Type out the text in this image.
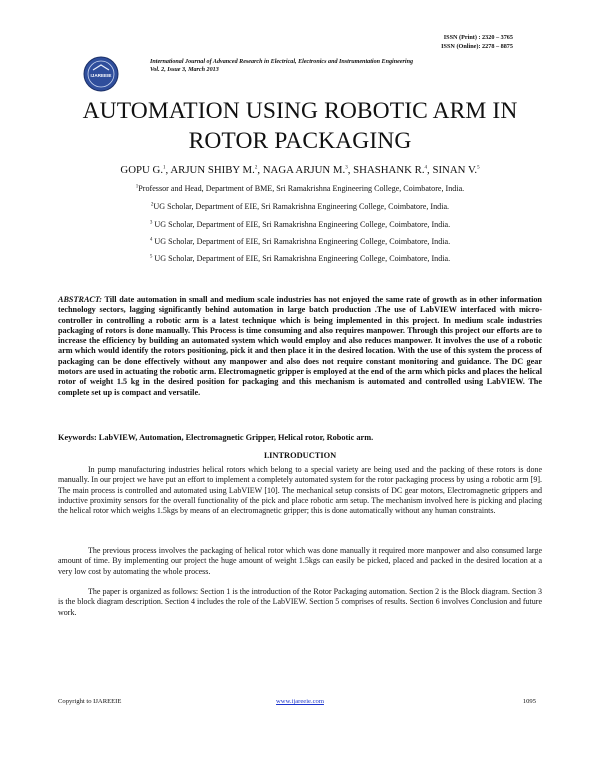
ISSN (Print) : 2320 – 3765
ISSN (Online): 2278 – 8875
IJAREEIE
International Journal of Advanced Research in Electrical, Electronics and Instrumentation Engineering
Vol. 2, Issue 3, March 2013
AUTOMATION USING ROBOTIC ARM IN
ROTOR PACKAGING
GOPU G.$^1$, ARJUN SHIBY M.$^2$, NAGA ARJUN M.$^3$, SHASHANK R.$^4$, SINAN V.$^5$
$^1$Professor and Head, Department of BME, Sri Ramakrishna Engineering College, Coimbatore, India.
$^2$UG Scholar, Department of EIE, Sri Ramakrishna Engineering College, Coimbatore, India.
$^3$ UG Scholar, Department of EIE, Sri Ramakrishna Engineering College, Coimbatore, India.
$^4$ UG Scholar, Department of EIE, Sri Ramakrishna Engineering College, Coimbatore, India.
$^5$ UG Scholar, Department of EIE, Sri Ramakrishna Engineering College, Coimbatore, India.
ABSTRACT: Till date automation in small and medium scale industries has not enjoyed the same rate of growth as in other information technology sectors, lagging significantly behind automation in large batch production .The use of LabVIEW interfaced with micro-controller in controlling a robotic arm is a latest technique which is being implemented in this project. In medium scale industries packaging of rotors is done manually. This Process is time consuming and also requires manpower. Through this project our efforts are to increase the efficiency by building an automated system which would employ and also reduces manpower. It involves the use of a robotic arm which would identify the rotors positioning, pick it and then place it in the desired location. With the use of this system the process of packaging can be done effectively without any manpower and also does not require constant monitoring and guidance. The DC gear motors are used in actuating the robotic arm. Electromagnetic gripper is employed at the end of the arm which picks and places the helical rotor of weight 1.5 kg in the desired position for packaging and this mechanism is automated and controlled using LabVIEW. The complete set up is compact and versatile.
Keywords: LabVIEW, Automation, Electromagnetic Gripper, Helical rotor, Robotic arm.
I.INTRODUCTION
In pump manufacturing industries helical rotors which belong to a special variety are being used and the packing of these rotors is done manually. In our project we have put an effort to implement a completely automated system for the rotor packaging process by using a robotic arm [9]. The main process is controlled and automated using LabVIEW [10]. The mechanical setup consists of DC gear motors, Electromagnetic grippers and inductive proximity sensors for the overall functionality of the pick and place robotic arm setup. The mechanism involved here is picking and placing the helical rotor which weighs 1.5kgs by means of an electromagnetic gripper; this is done automatically without any human constraints.
The previous process involves the packaging of helical rotor which was done manually it required more manpower and also consumed large amount of time. By implementing our project the huge amount of weight 1.5kgs can easily be picked, placed and packed in the desired location at a very low cost by automating the whole process.
The paper is organized as follows: Section 1 is the introduction of the Rotor Packaging automation. Section 2 is the Block diagram. Section 3 is the block diagram description. Section 4 includes the role of the LabVIEW. Section 5 comprises of results. Section 6 involves Conclusion and future work.
Copyright to IJAREEIE	www.ijareeie.com	1095
